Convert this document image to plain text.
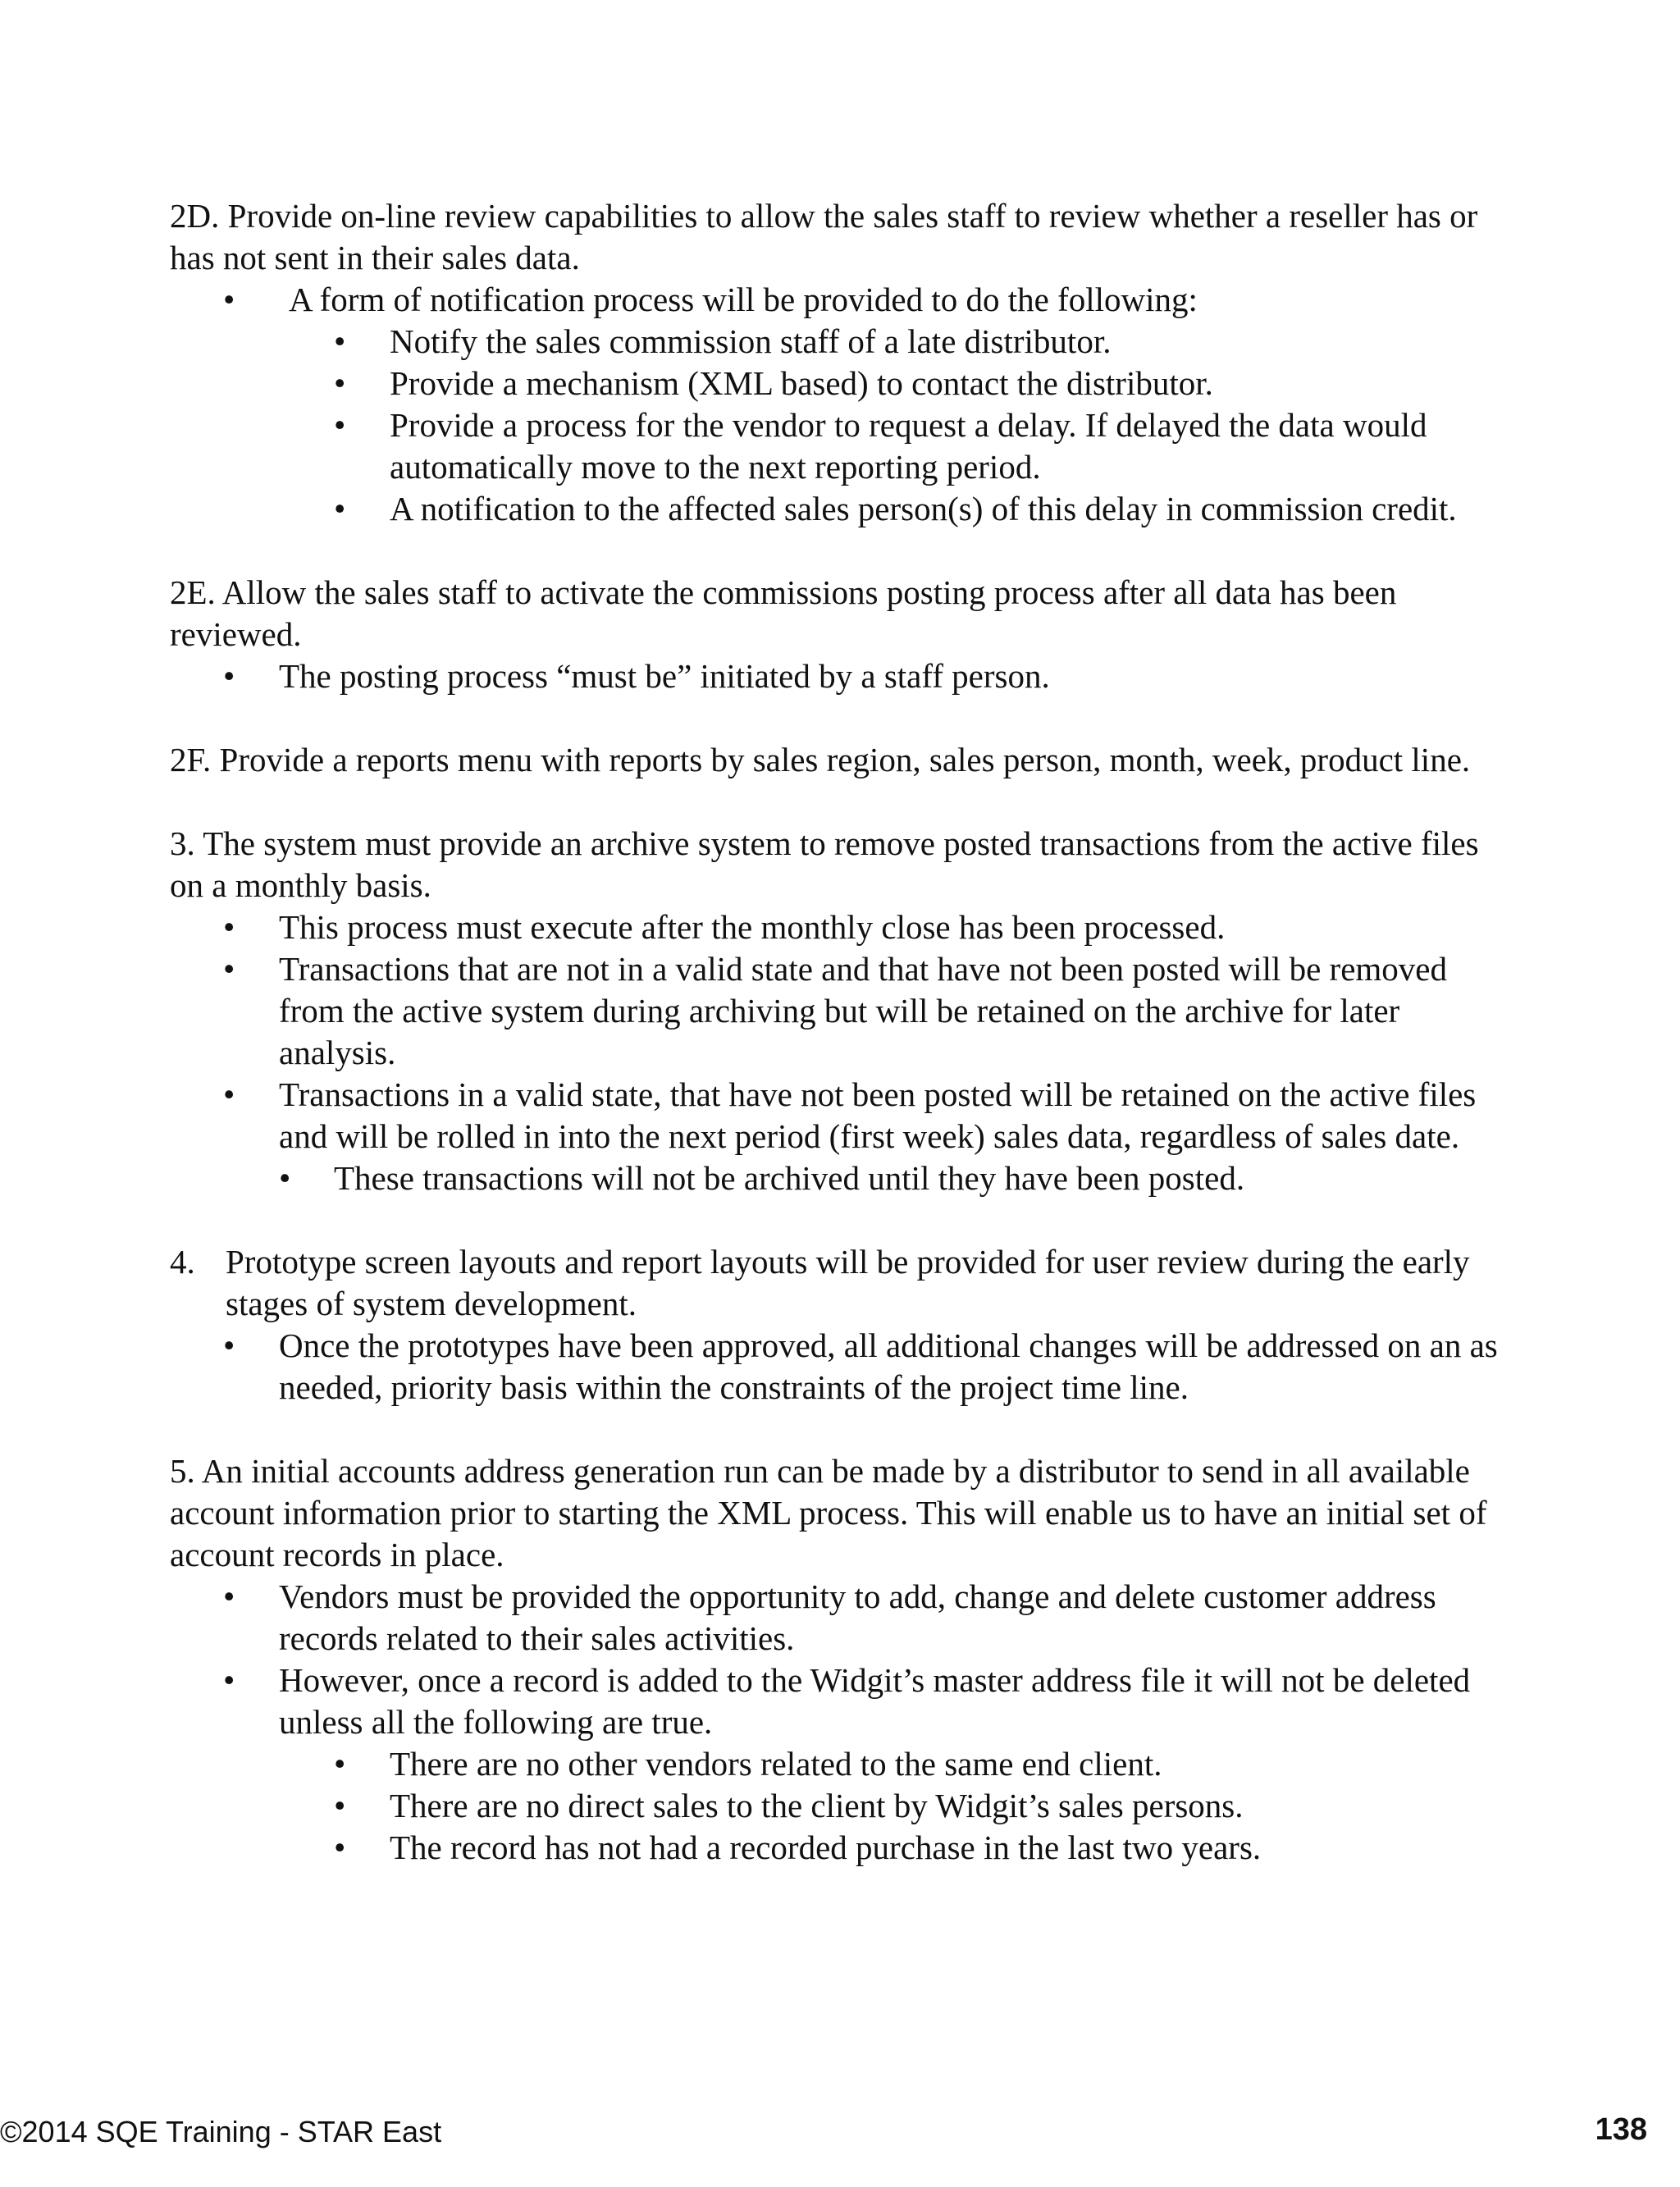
2D. Provide on-line review capabilities to allow the sales staff to review whether a reseller has or has not sent in their sales data.

• A form of notification process will be provided to do the following:
• Notify the sales commission staff of a late distributor.
• Provide a mechanism (XML based) to contact the distributor.
• Provide a process for the vendor to request a delay. If delayed the data would automatically move to the next reporting period.
• A notification to the affected sales person(s) of this delay in commission credit.

2E. Allow the sales staff to activate the commissions posting process after all data has been reviewed.

• The posting process “must be” initiated by a staff person.

2F. Provide a reports menu with reports by sales region, sales person, month, week, product line.

3. The system must provide an archive system to remove posted transactions from the active files on a monthly basis.

• This process must execute after the monthly close has been processed.
• Transactions that are not in a valid state and that have not been posted will be removed from the active system during archiving but will be retained on the archive for later analysis.
• Transactions in a valid state, that have not been posted will be retained on the active files and will be rolled in into the next period (first week) sales data, regardless of sales date.
• These transactions will not be archived until they have been posted.
4. Prototype screen layouts and report layouts will be provided for user review during the early stages of system development.
• Once the prototypes have been approved, all additional changes will be addressed on an as needed, priority basis within the constraints of the project time line.

5. An initial accounts address generation run can be made by a distributor to send in all available account information prior to starting the XML process. This will enable us to have an initial set of account records in place.

• Vendors must be provided the opportunity to add, change and delete customer address records related to their sales activities.
• However, once a record is added to the Widgit’s master address file it will not be deleted unless all the following are true.
• There are no other vendors related to the same end client.
• There are no direct sales to the client by Widgit’s sales persons.
• The record has not had a recorded purchase in the last two years.
©2014 SQE Training - STAR East	138
